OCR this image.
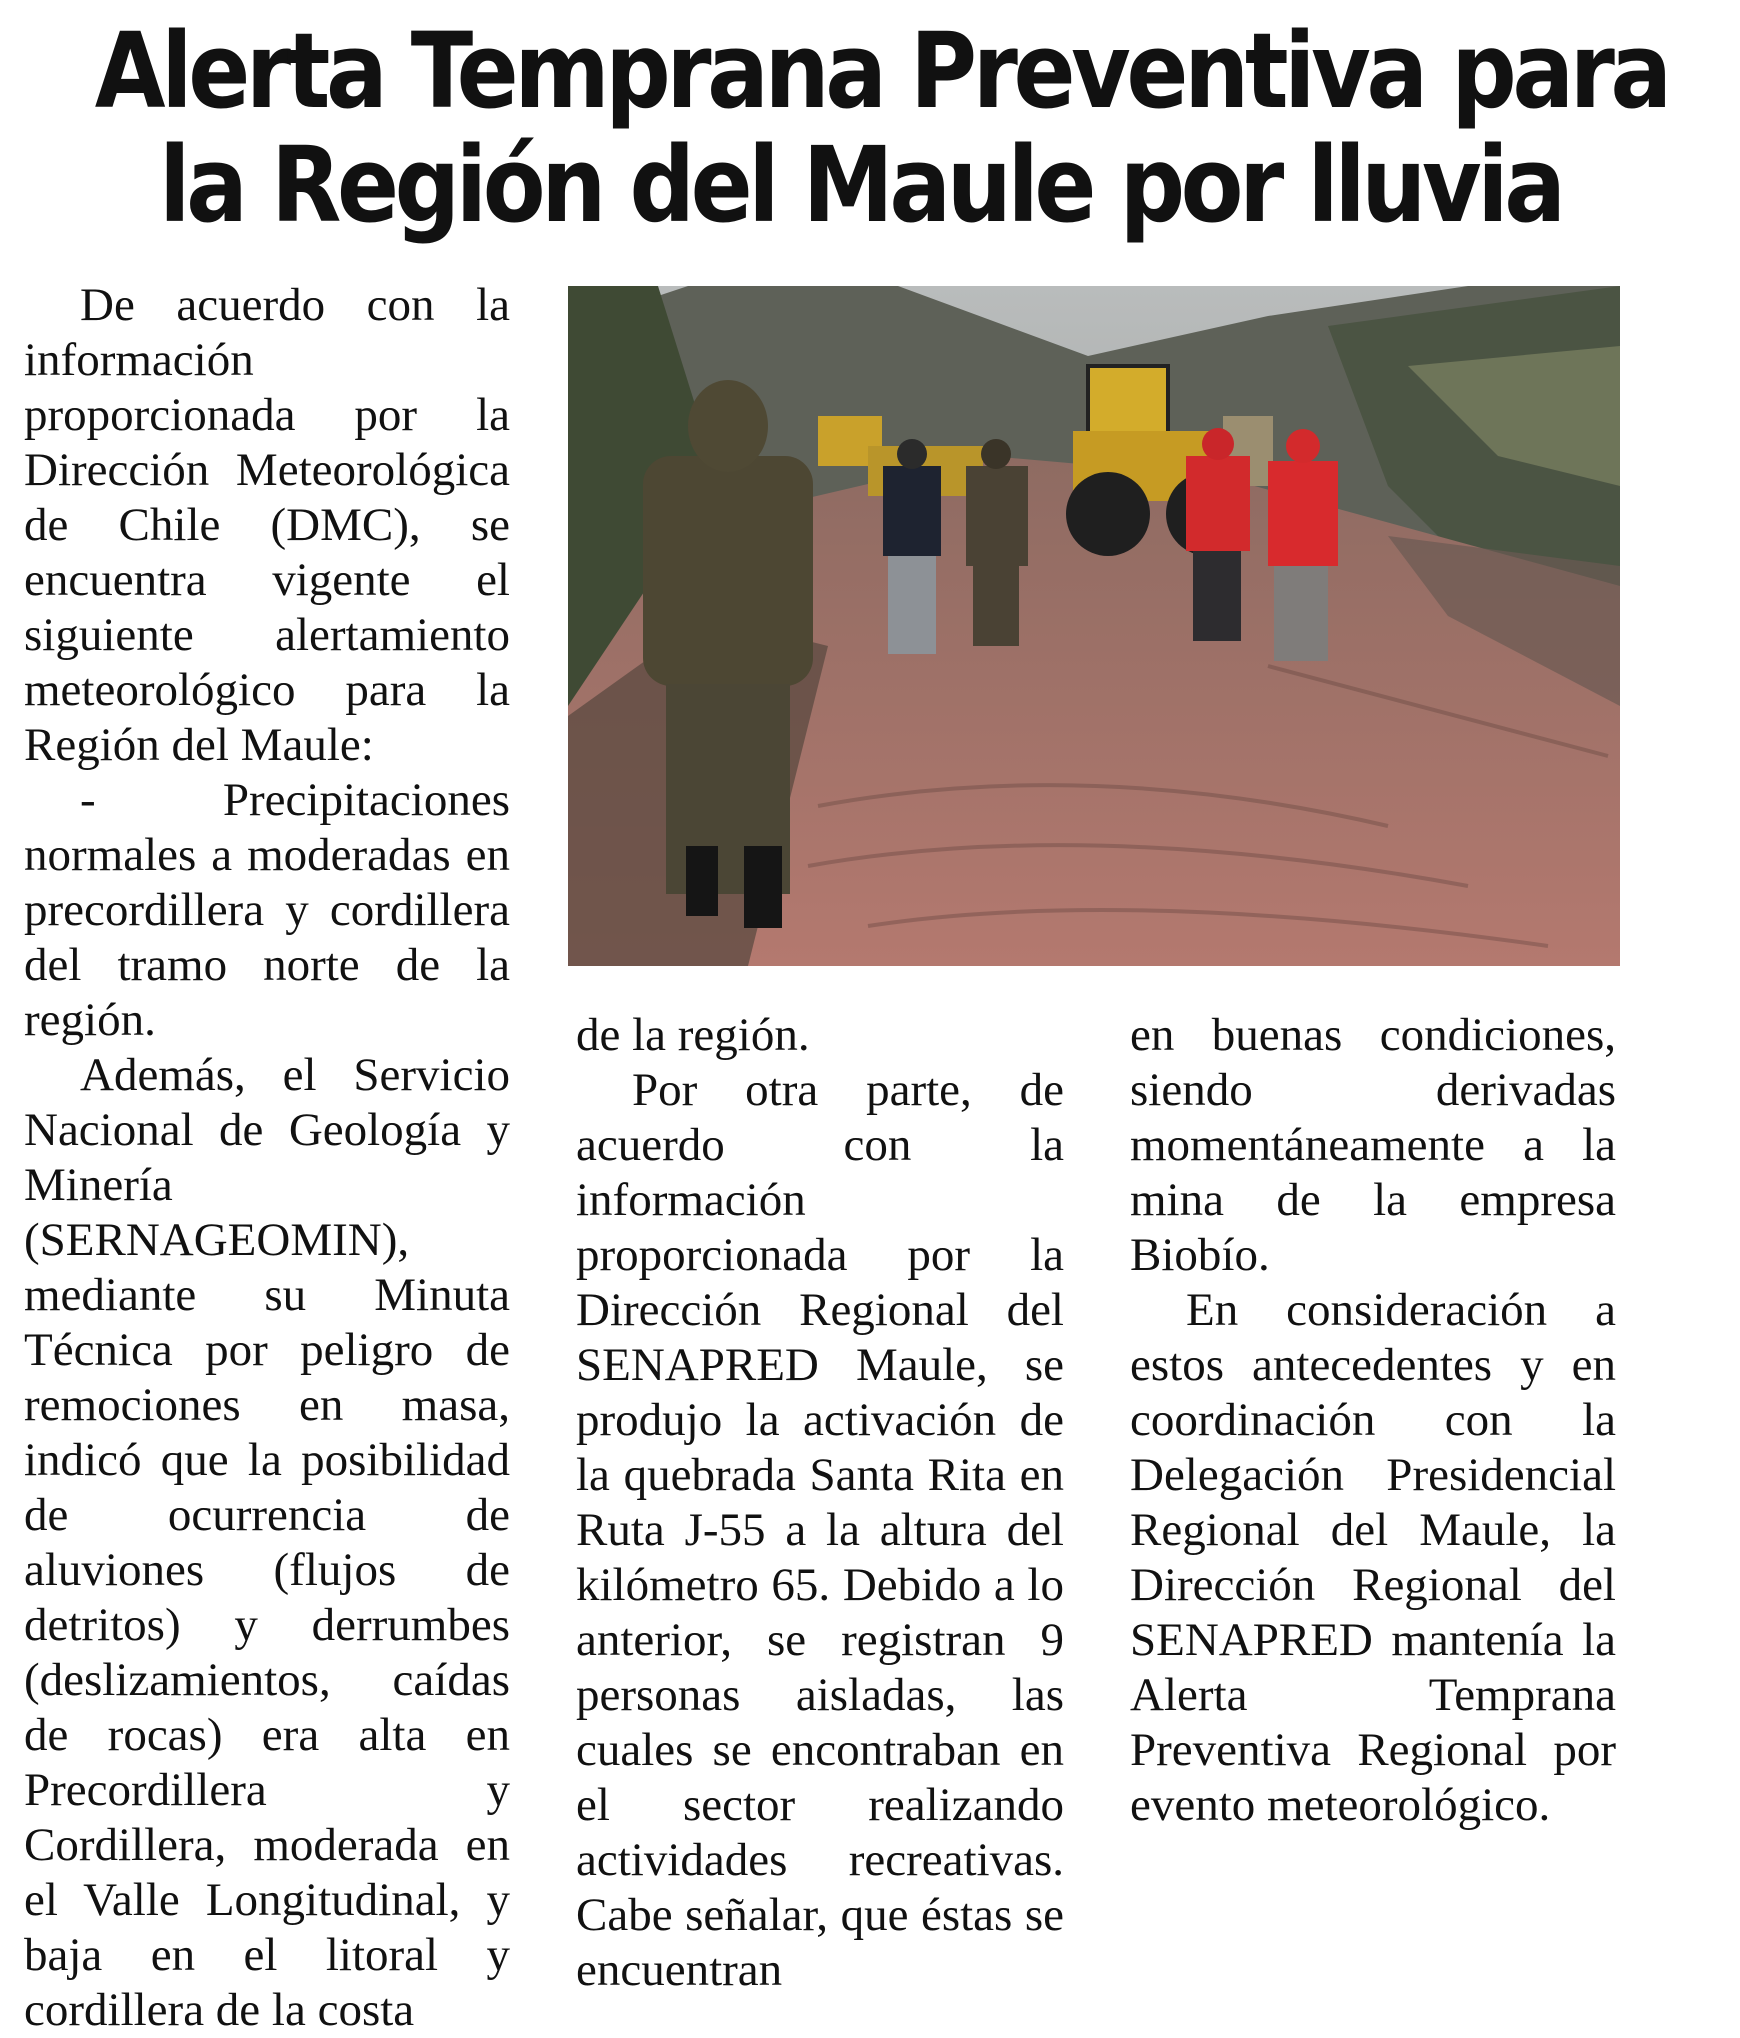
Alerta Temprana Preventiva para
la Región del Maule por lluvia

De acuerdo con la información proporcionada por la Dirección Meteorológica de Chile (DMC), se encuentra vigente el siguiente alertamiento meteorológico para la Región del Maule:

- Precipitaciones normales a moderadas en precordillera y cordillera del tramo norte de la región.

Además, el Servicio Nacional de Geología y Minería (SERNAGEOMIN), mediante su Minuta Técnica por peligro de remociones en masa, indicó que la posibilidad de ocurrencia de aluviones (flujos de detritos) y derrumbes (deslizamientos, caídas de rocas) era alta en Precordillera y Cordillera, moderada en el Valle Longitudinal, y baja en el litoral y cordillera de la costa

de la región.

Por otra parte, de acuerdo con la información proporcionada por la Dirección Regional del SENAPRED Maule, se produjo la activación de la quebrada Santa Rita en Ruta J-55 a la altura del kilómetro 65. Debido a lo anterior, se registran 9 personas aisladas, las cuales se encontraban en el sector realizando actividades recreativas. Cabe señalar, que éstas se encuentran

en buenas condiciones, siendo derivadas momentáneamente a la mina de la empresa Biobío.

En consideración a estos antecedentes y en coordinación con la Delegación Presidencial Regional del Maule, la Dirección Regional del SENAPRED mantenía la Alerta Temprana Preventiva Regional por evento meteorológico.
